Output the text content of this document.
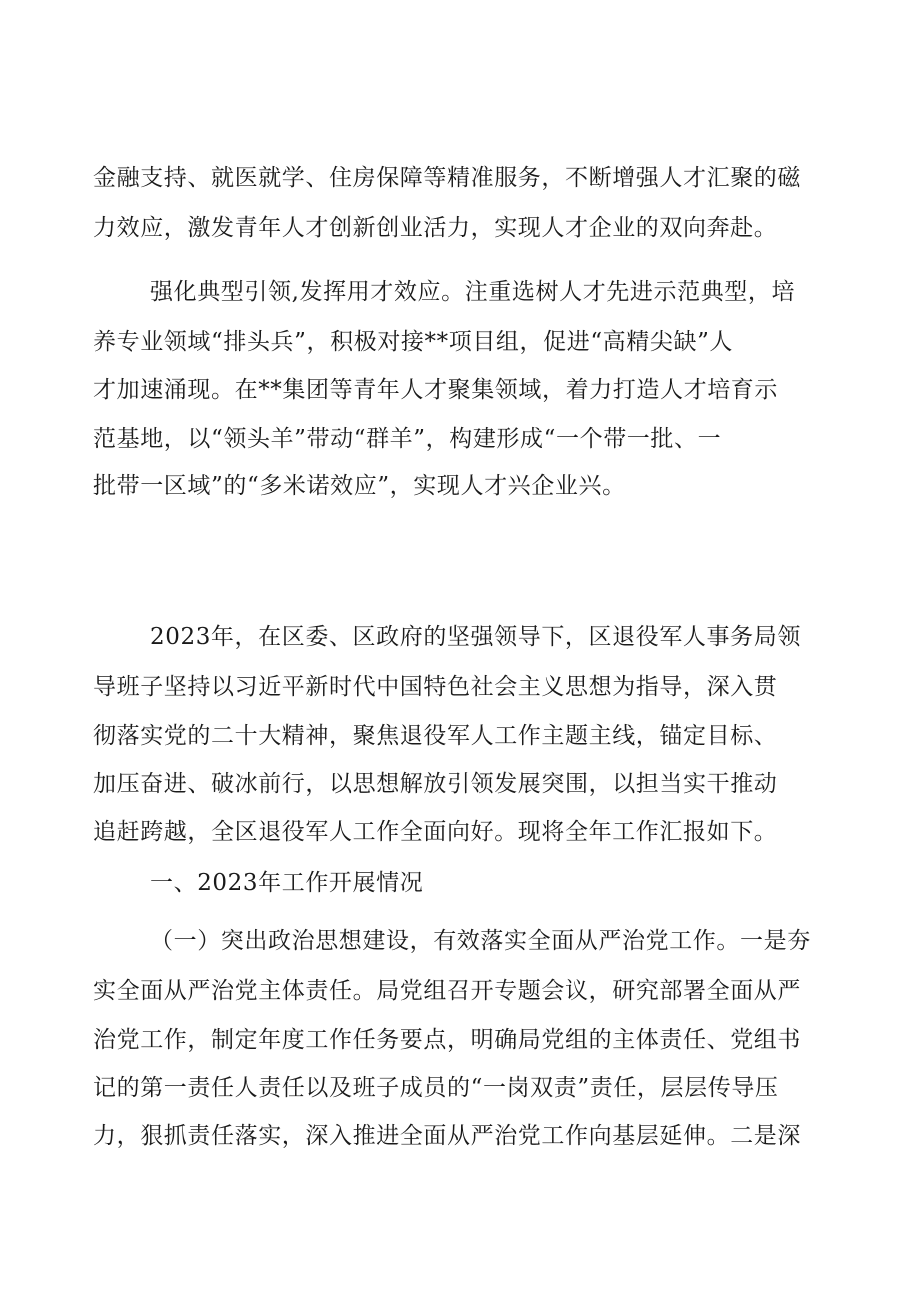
金融支持、就医就学、住房保障等精准服务，不断增强人才汇聚的磁
力效应，激发青年人才创新创业活力，实现人才企业的双向奔赴。
强化典型引领,发挥用才效应。注重选树人才先进示范典型，培
养专业领域“排头兵”，积极对接**项目组，促进“高精尖缺”人
才加速涌现。在**集团等青年人才聚集领域，着力打造人才培育示
范基地，以“领头羊”带动“群羊”，构建形成“一个带一批、一
批带一区域”的“多米诺效应”，实现人才兴企业兴。
2023年，在区委、区政府的坚强领导下，区退役军人事务局领
导班子坚持以习近平新时代中国特色社会主义思想为指导，深入贯
彻落实党的二十大精神，聚焦退役军人工作主题主线，锚定目标、
加压奋进、破冰前行，以思想解放引领发展突围，以担当实干推动
追赶跨越，全区退役军人工作全面向好。现将全年工作汇报如下。
一、2023年工作开展情况
（一）突出政治思想建设，有效落实全面从严治党工作。一是夯
实全面从严治党主体责任。局党组召开专题会议，研究部署全面从严
治党工作，制定年度工作任务要点，明确局党组的主体责任、党组书
记的第一责任人责任以及班子成员的“一岗双责”责任，层层传导压
力，狠抓责任落实，深入推进全面从严治党工作向基层延伸。二是深
